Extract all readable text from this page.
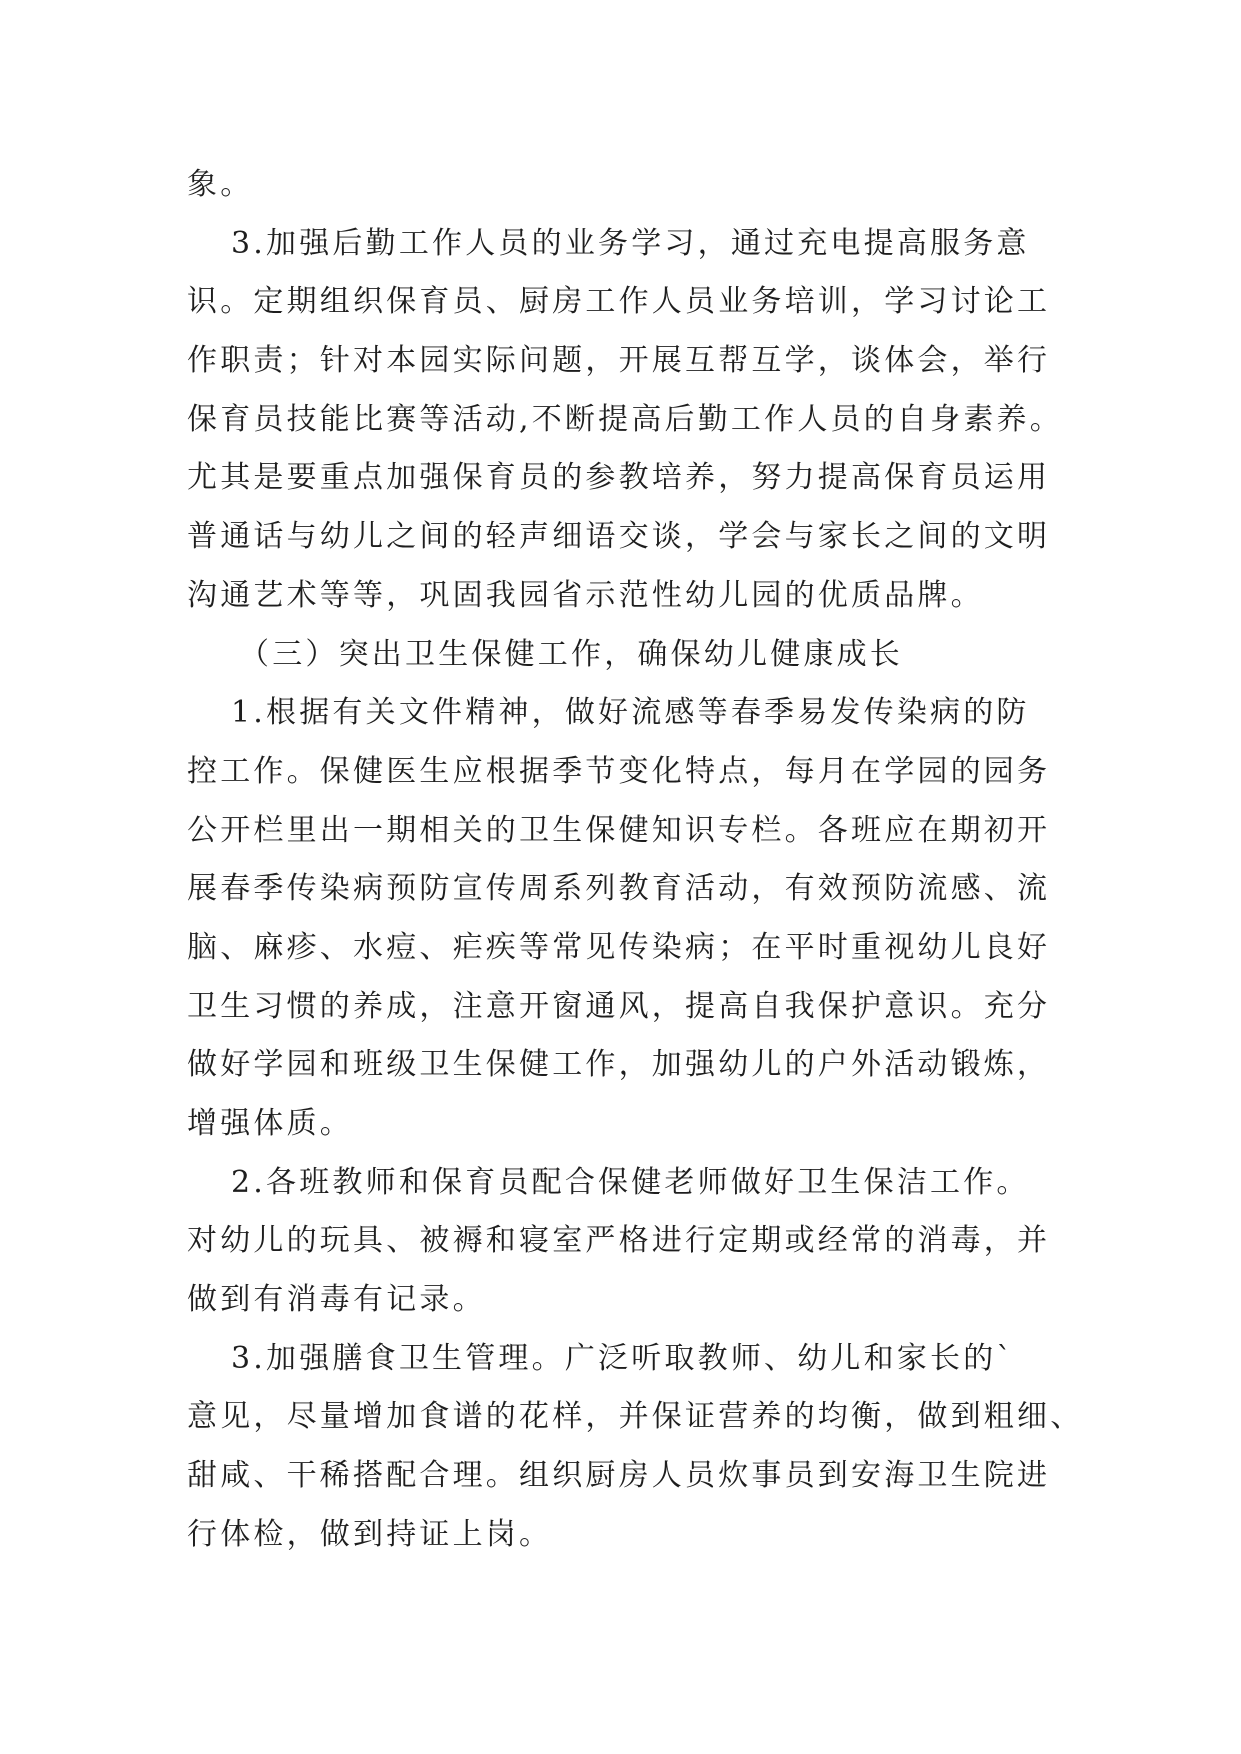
象。
3.加强后勤工作人员的业务学习，通过充电提高服务意
识。定期组织保育员、厨房工作人员业务培训，学习讨论工
作职责；针对本园实际问题，开展互帮互学，谈体会，举行
保育员技能比赛等活动,不断提高后勤工作人员的自身素养。
尤其是要重点加强保育员的参教培养，努力提高保育员运用
普通话与幼儿之间的轻声细语交谈，学会与家长之间的文明
沟通艺术等等，巩固我园省示范性幼儿园的优质品牌。
（三）突出卫生保健工作，确保幼儿健康成长
1.根据有关文件精神，做好流感等春季易发传染病的防
控工作。保健医生应根据季节变化特点，每月在学园的园务
公开栏里出一期相关的卫生保健知识专栏。各班应在期初开
展春季传染病预防宣传周系列教育活动，有效预防流感、流
脑、麻疹、水痘、疟疾等常见传染病；在平时重视幼儿良好
卫生习惯的养成，注意开窗通风，提高自我保护意识。充分
做好学园和班级卫生保健工作，加强幼儿的户外活动锻炼，
增强体质。
2.各班教师和保育员配合保健老师做好卫生保洁工作。
对幼儿的玩具、被褥和寝室严格进行定期或经常的消毒，并
做到有消毒有记录。
3.加强膳食卫生管理。广泛听取教师、幼儿和家长的`
意见，尽量增加食谱的花样，并保证营养的均衡，做到粗细、
甜咸、干稀搭配合理。组织厨房人员炊事员到安海卫生院进
行体检，做到持证上岗。
